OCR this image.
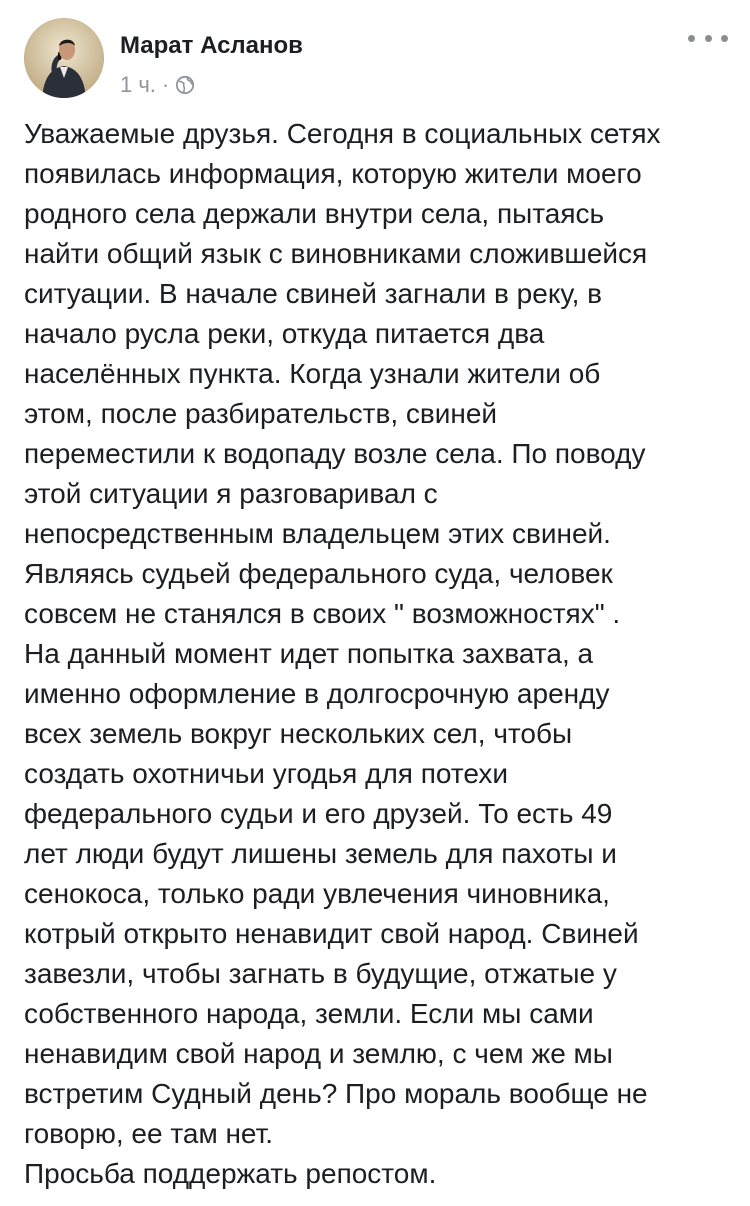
Марат Асланов
1 ч. ·
Уважаемые друзья. Сегодня в социальных сетях
появилась информация, которую жители моего
родного села держали внутри села, пытаясь
найти общий язык с виновниками сложившейся
ситуации. В начале свиней загнали в реку, в
начало русла реки, откуда питается два
населённых пункта. Когда узнали жители об
этом, после разбирательств, свиней
переместили к водопаду возле села. По поводу
этой ситуации я разговаривал с
непосредственным владельцем этих свиней.
Являясь судьей федерального суда, человек
совсем не станялся в своих " возможностях" .
На данный момент идет попытка захвата, а
именно оформление в долгосрочную аренду
всех земель вокруг нескольких сел, чтобы
создать охотничьи угодья для потехи
федерального судьи и его друзей. То есть 49
лет люди будут лишены земель для пахоты и
сенокоса, только ради увлечения чиновника,
котрый открыто ненавидит свой народ. Свиней
завезли, чтобы загнать в будущие, отжатые у
собственного народа, земли. Если мы сами
ненавидим свой народ и землю, с чем же мы
встретим Судный день? Про мораль вообще не
говорю, ее там нет.
Просьба поддержать репостом.
